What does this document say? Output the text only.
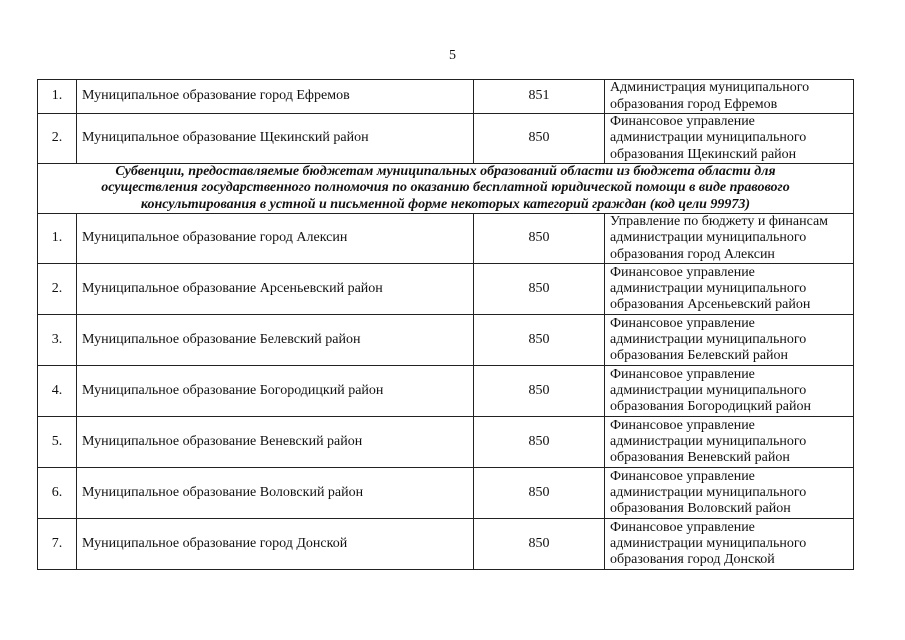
5
1.	Муниципальное образование город Ефремов	851	Администрация муниципального
образования город Ефремов

2.	Муниципальное образование Щекинский район	850	Финансовое управление
администрации муниципального
образования Щекинский район

Субвенции, предоставляемые бюджетам муниципальных образований области из бюджета области для
осуществления государственного полномочия по оказанию бесплатной юридической помощи в виде правового
консультирования в устной и письменной форме некоторых категорий граждан (код цели 99973)			

1.	Муниципальное образование город Алексин	850	Управление по бюджету и финансам
администрации муниципального
образования город Алексин

2.	Муниципальное образование Арсеньевский район	850	Финансовое управление
администрации муниципального
образования Арсеньевский район

3.	Муниципальное образование Белевский район	850	Финансовое управление
администрации муниципального
образования Белевский район

4.	Муниципальное образование Богородицкий район	850	Финансовое управление
администрации муниципального
образования Богородицкий район

5.	Муниципальное образование Веневский район	850	Финансовое управление
администрации муниципального
образования Веневский район

6.	Муниципальное образование Воловский район	850	Финансовое управление
администрации муниципального
образования Воловский район

7.	Муниципальное образование город Донской	850	Финансовое управление
администрации муниципального
образования город Донской
